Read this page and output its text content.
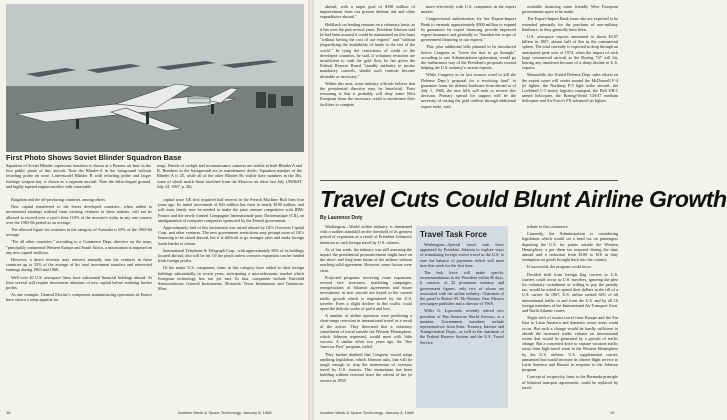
First Photo Shows Soviet Blinder Squadron Base
Squadron of Soviet Blinder supersonic bombers is shown at a Pioneer air base in the first public photo of this aircraft. Note the Blinder-A in the foreground without refueling probe on nose. Later-model Blinder B with refueling probe and larger fuselage weapon bay is shown as a separate aircraft. Note the delta-shaped ground, and highly tapered engine nacelles with retractablerings. Details of cockpit and reconnaissance cameras are visible in both Blinder A and B. Bombers in the background are in maintenance docks. Squadron number of the Blinder A is 25, while all of the other Blinder Bs visible have numbers in the 30s, some of which match those sketched from the Moscow air show last July (AW&ST July 24, 1967, p. 20).

Kingdom and the oil-producing countries, among others.

New capital transferred to the lesser developed countries, when added to incremental earnings realized from existing ventures in these nations, will not be allowed to exceed over a year's time 110% of the investor's today in any one country over the 1965-66 period as an average.

The allowed figure for countries in the category of Australia is 65% of the 1965-66 average.

"For all other countries," according to a Commerce Dept. directive on the issue, "principally continental Western Europe and South Africa, a moratorium is imposed on any new capital outflows.

However, a direct investor may reinvest annually into his ventures in these countries up to 35% of the average of his total investment transfers and reinvested earnings during 1965 and 1966.

Well over 40 U.S. aerospace firms have substantial financial holdings abroad. At least several will require investment infusions of new capital before realizing further profits.

As one example, General Electric's component manufacturing operations in France have shown a steep appetite for

capital since GE first acquired half interest in the French Machine Bull firm four years ago. Its initial investment of $43 million has risen to nearly $100 million, and will most firmly now be needed to make the joint venture competitive with IBM-France and the newly formed Compagnie Internationale pour l'Informatique (CII), an amalgamation of computer companies sponsored by the French government.

Approximately half of this investment was raised abroad by GE's Overseas Capital Corp. and other ventures. The new government restrictions may prompt more of GE's financing to be raised abroad, but it is difficult to go stronger rates and make foreign funds harder to obtain.

International Telephone & Telegraph Corp., with approximately 50% of its holdings located abroad, also will be hit. Of the pinch unless overseas expansion can be funded from foreign profits.

Of the major U.S. companies, firms in this category have added to their foreign holdings substantially in recent years, anticipating a microelectronic market which European technology has not yet met. In that, companies include Fairchild Semiconductor, General Instruments, Motorola, Texas Instruments and Transitron. Most

16	Aviation Week & Space Technology, January 8, 1968

abroad, with a target goal of $100 million of improvement from our present defense aid and other expenditures abroad."

Holdback on lending remains on a voluntary basis, as it has over the past several years. President Johnson said he had been assured it could be maintained on this basis "without having the cost of our exports" and "without jeopardizing the availability of funds to the rest of the world." In tying the restrictions of credit to the developed countries, he said, if voluntary restraints are insufficient to curb the gold flow, he has given the Federal Reserve Board "standby authority to invoke mandatory controls, should such controls become desirable or necessary."

Within this area, some industry officials believe that the presidential directive may be beneficial. Their reasoning is that it probably will deny some West European firms the necessary credit to modernize their facilities to compete

more effectively with U.S. companies in the export market.

Congressional authorization for the Export-Import Bank to earmark approximately $500 million to expand its guarantees for export financing, provide improved export insurance and generally to "broaden the scope of government financing of our exports."

This, plus additional bills planned to be introduced before Congress to "lower the first to go through," according to one Administration spokesman, would go the furthermost way of the President's proposals toward helping the U.S. industry's current exports.

While Congress in its last session voted to kill the Defense Dept.'s proposal for a revolving fund" to guarantee loans for defense hardware from abroad as of July 1, 1968, the new bills will seek to reverse this decision. Primary spread for support will be the necessity of cutting the gold outflow through additional export trade, with

available financing some friendly West European governments agree to be made.

The Export-Import Bank loans also are expected to be extended primarily for the purchase of non-military hardware, as they generally have been.

U.S. aerospace exports amounted to about $3.97 billion in 1967, almost half of this in the commercial sphere. The total currently is expected to drop through an anticipated peak year of 1974, when the impact of such large commercial aircraft as the Boeing 747 will hit, barring any turndown because of a sharp decline in U.S. exports.

Meanwhile, the United Defense Dept. sales efforts on the export scene will center around the McDonnell F-4 jet fighter, the Northrop F-5 light strike aircraft, the Lockheed C-5 heavy logistics transport, the Bell UH-1 armed helicopter, the Boeing-Vertol CH-47 medium helicopter and Air Force's FX advanced jet fighter.

Travel Cuts Could Blunt Airline Growth
By Laurence Doty

Washington—World airline industry is threatened with a sudden standstill on the threshold of its greatest period of expansion as a result of President Johnson's intention to curb foreign travel by U.S. citizens.

As of last week, the industry was still assessing the impact the presidential pronouncement might have on the short- and long-term future of the airlines without reaching solid agreement. However, some factors were clear.

Projected programs involving route expansion, revised fare structures, marketing campaigns, renegotiations of bilateral agreements and future investments in new aircraft are keyed to the current traffic growth which is engendered by the U.S. traveler. Even a slight decline in this traffic could upset the delicate scales of profit and loss.

A number of airline operators were predicting a short-range recession in international travel as a result of the action. They theorized that a voluntary curtailment of travel outside the Western Hemisphere, which Johnson requested, would meet with little success. A similar effort two years ago, the "See America First" program, failed.

They further doubted that Congress would adopt anything legislation, which Johnson asks, that will be tough enough to stop the momentum of overseas travel by U.S. tourists. This momentum has been building without restraint since the advent of the jet service in 1958.

tribute to this commerce.

Currently, the Administration is considering legislation which would set a head tax on passengers departing the U.S. for points outside the Western Hemisphere, a per diem tax imposed during the time abroad and a reduction from $100 to $10 in duty exemption on goods brought back into the country.

If successful, the program could force:

Decided shift from foreign flag carriers to U.S. carriers could occur as U.S. travelers, ignoring the plea for voluntary curtailment or willing to pay the penalty tax, would be asked to spend their dollars in the till of a U.S. carrier. In 1967, U.S. airline carried 62% of all international traffic to and from the U.S. and by all 16 foreign members of the International Air Transport Assn. and North Atlantic routes.

Slight shift of tourist travel from Europe and the Far East to Latin America and domestic resort areas could occur. But such a change would be hardly sufficient to absorb the increased traffic volume on international routes that would be generated by a growth of traffic change. But a concerted drive to capture vacation traffic away from high-travel areas to the Western Hemisphere by the U.S. airlines. U.S. supplemental carrier, unmanned but would increase its charter flight service to Latin America and Hawaii in response to the Johnson program.

Concept of reciprocity, basic to the Bermuda principle of bilateral transport agreements, could be replaced by travel

Travel Task Force

Washington—Special travel task force appointed by President Johnson to explore ways of stimulating foreign visitor travel to the U.S. to ease the balance of payments deficit will meet here this week for the first time.

The task force will make specific recommendations to the President within 90 days. It consists of 22 prominent industry and government figures, only two of whom are associated with the airline industry: Chairman of the panel is Robert M. Mc-Kinney, New Mexico newspaper publisher and a director of TWA.

Willis G. Lipscomb, recently retired vice president of Pan American World Airways, is a member. Government members include representatives from State, Treasury, Interior and Transportation Depts., as well as the chairman of the Federal Reserve System and the U.S. Travel Service.

Aviation Week & Space Technology, January 8, 1968	19
